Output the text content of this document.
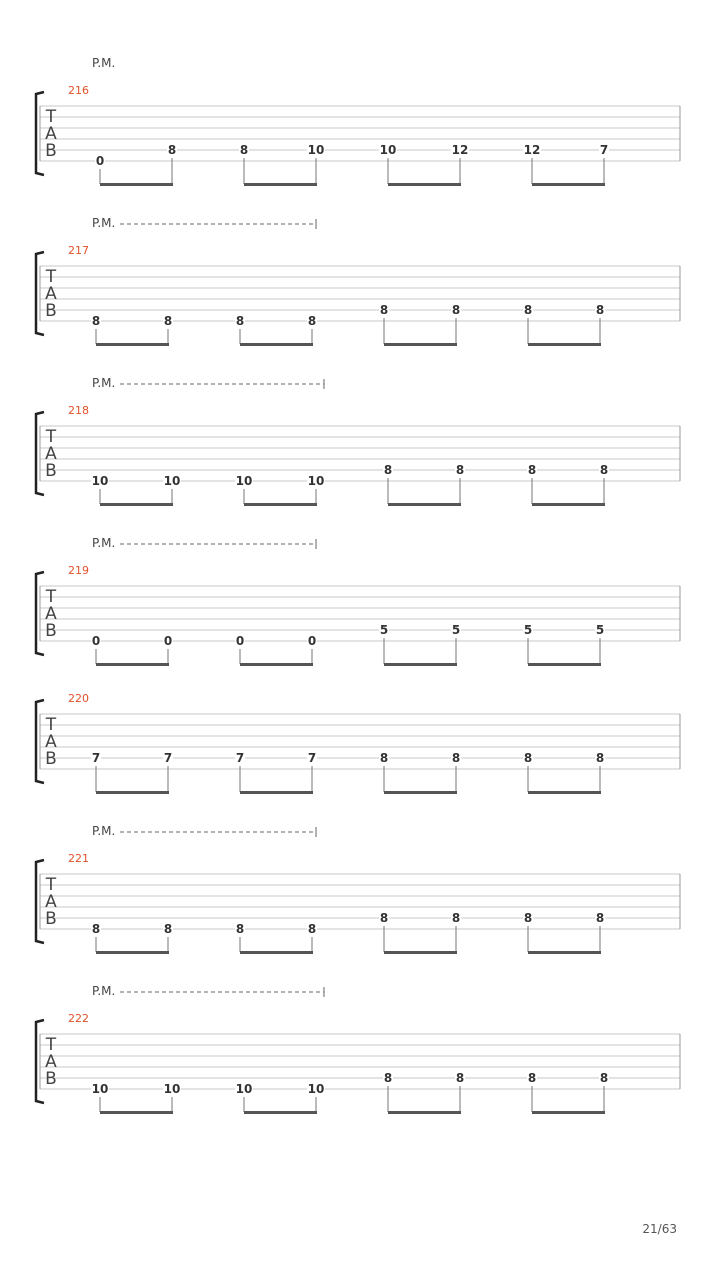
T
A
B
216
P.M.
0
8	8	10	10	12	12	7
T
A
B
217
P.M.
8	8	8	8
8	8	8	8
T
A
B
218
P.M.
10	10	10	10
8	8	8	8
T
A
B
219
P.M.
0	0	0	0
5	5	5	5
T
A
B
220
7	7	7	7	8	8	8	8
T
A
B
221
P.M.
8	8	8	8
8	8	8	8
T
A
B
222
P.M.
10	10	10	10
8	8	8	8
21/63
